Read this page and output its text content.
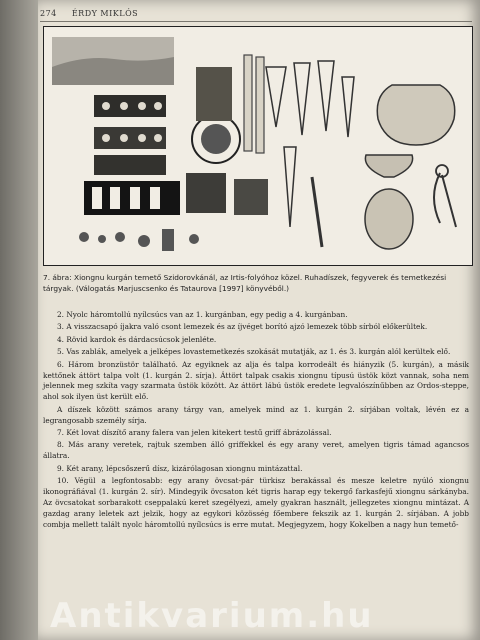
274 ÉRDY MIKLÓS
7. ábra: Xiongnu kurgán temető Szidorovkánál, az Irtis-folyóhoz közel. Ruhadíszek, fegyverek és temetkezési tárgyak. (Válogatás Marjuscsenko és Tataurova [1997] könyvéből.)

2. Nyolc háromtollú nyílcsúcs van az 1. kurgánban, egy pedig a 4. kurgánban.

3. A visszacsapó íjakra való csont lemezek és az íjvéget borító ajzó lemezek több sírból előkerültek.

4. Rövid kardok és dárdacsúcsok jelenléte.

5. Vas zablák, amelyek a jelképes lovastemetkezés szokását mutatják, az 1. és 3. kurgán alól kerültek elő.

6. Három bronzüstör található. Az egyiknek az alja és talpa korrodeált és hiányzik (5. kurgán), a másik kettőnek áttört talpa volt (1. kurgán 2. sírja). Áttört talpak csakis xiongnu típusú üstök közt vannak, soha nem jelennek meg szkíta vagy szarmata üstök között. Az áttört lábú üstök eredete legvalószínűbben az Ordos-steppe, ahol sok ilyen üst került elő.

A díszek között számos arany tárgy van, amelyek mind az 1. kurgán 2. sírjában voltak, lévén ez a legrangosabb személy sírja.

7. Két lovat díszítő arany falera van jelen kitekert testű griff ábrázolással.

8. Más arany veretek, rajtuk szemben álló griffekkel és egy arany veret, amelyen tigris támad agancsos állatra.

9. Két arany, lépcsőszerű dísz, kizárólagosan xiongnu mintázattal.

10. Végül a legfontosabb: egy arany övcsat-pár türkisz berakással és mesze keletre nyúló xiongnu ikonográfiával (1. kurgán 2. sír). Mindegyik övcsaton két tigris harap egy tekergő farkasfejű xiongnu sárkányba. Az övcsatokat sorbarakott cseppalakú keret szegélyezi, amely gyakran használt, jellegzetes xiongnu mintázat. A gazdag arany leletek azt jelzik, hogy az egykori közösség főembere fekszik az 1. kurgán 2. sírjában. A jobb combja mellett talált nyolc háromtollú nyílcsúcs is erre mutat. Megjegyzem, hogy Kokelben a nagy hun temető-

Antikvarium.hu
